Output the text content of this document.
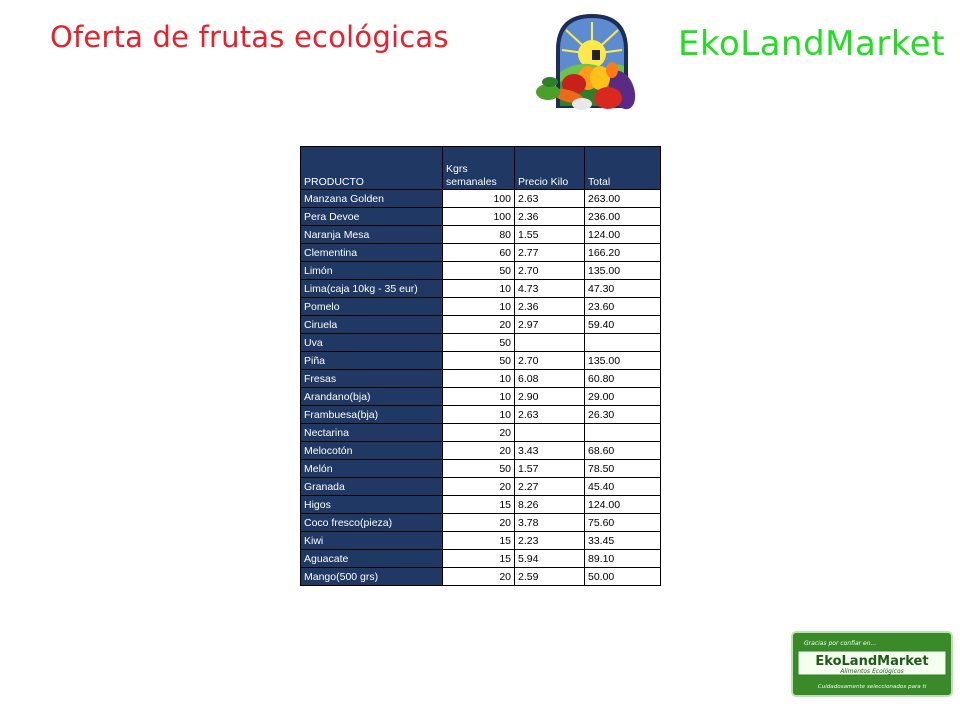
Oferta de frutas ecológicas	EkoLandMarket
PRODUCTO	Kgrs semanales	Precio Kilo	Total
Manzana Golden	100	2.63	263.00
Pera Devoe	100	2.36	236.00
Naranja Mesa	80	1.55	124.00
Clementina	60	2.77	166.20
Limón	50	2.70	135.00
Lima(caja 10kg - 35 eur)	10	4.73	47.30
Pomelo	10	2.36	23.60
Ciruela	20	2.97	59.40
Uva	50		
Piña	50	2.70	135.00
Fresas	10	6.08	60.80
Arandano(bja)	10	2.90	29.00
Frambuesa(bja)	10	2.63	26.30
Nectarina	20		
Melocotón	20	3.43	68.60
Melón	50	1.57	78.50
Granada	20	2.27	45.40
Higos	15	8.26	124.00
Coco fresco(pieza)	20	3.78	75.60
Kiwi	15	2.23	33.45
Aguacate	15	5.94	89.10
Mango(500 grs)	20	2.59	50.00
Gracias por confiar en...
EkoLandMarket
Alimentos Ecológicos
Cuidadosamente seleccionados para ti
